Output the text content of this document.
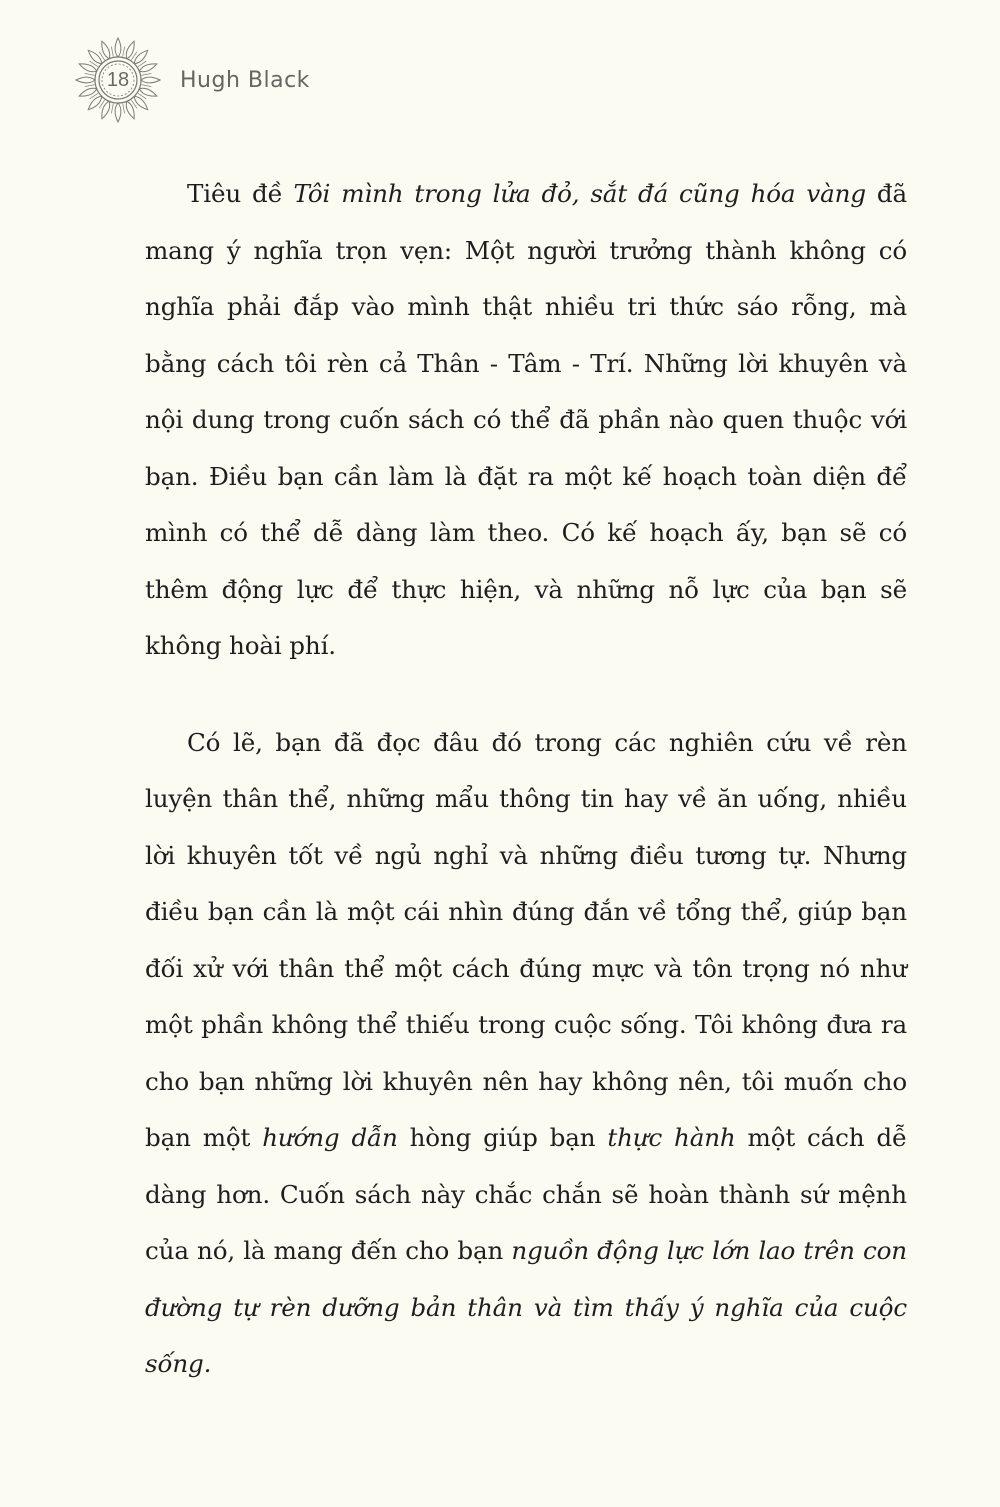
18	Hugh Black

Tiêu đề Tôi mình trong lửa đỏ, sắt đá cũng hóa vàng đã mang ý nghĩa trọn vẹn: Một người trưởng thành không có nghĩa phải đắp vào mình thật nhiều tri thức sáo rỗng, mà bằng cách tôi rèn cả Thân - Tâm - Trí. Những lời khuyên và nội dung trong cuốn sách có thể đã phần nào quen thuộc với bạn. Điều bạn cần làm là đặt ra một kế hoạch toàn diện để mình có thể dễ dàng làm theo. Có kế hoạch ấy, bạn sẽ có thêm động lực để thực hiện, và những nỗ lực của bạn sẽ không hoài phí.

Có lẽ, bạn đã đọc đâu đó trong các nghiên cứu về rèn luyện thân thể, những mẩu thông tin hay về ăn uống, nhiều lời khuyên tốt về ngủ nghỉ và những điều tương tự. Nhưng điều bạn cần là một cái nhìn đúng đắn về tổng thể, giúp bạn đối xử với thân thể một cách đúng mực và tôn trọng nó như một phần không thể thiếu trong cuộc sống. Tôi không đưa ra cho bạn những lời khuyên nên hay không nên, tôi muốn cho bạn một hướng dẫn hòng giúp bạn thực hành một cách dễ dàng hơn. Cuốn sách này chắc chắn sẽ hoàn thành sứ mệnh của nó, là mang đến cho bạn nguồn động lực lớn lao trên con đường tự rèn dưỡng bản thân và tìm thấy ý nghĩa của cuộc sống.
